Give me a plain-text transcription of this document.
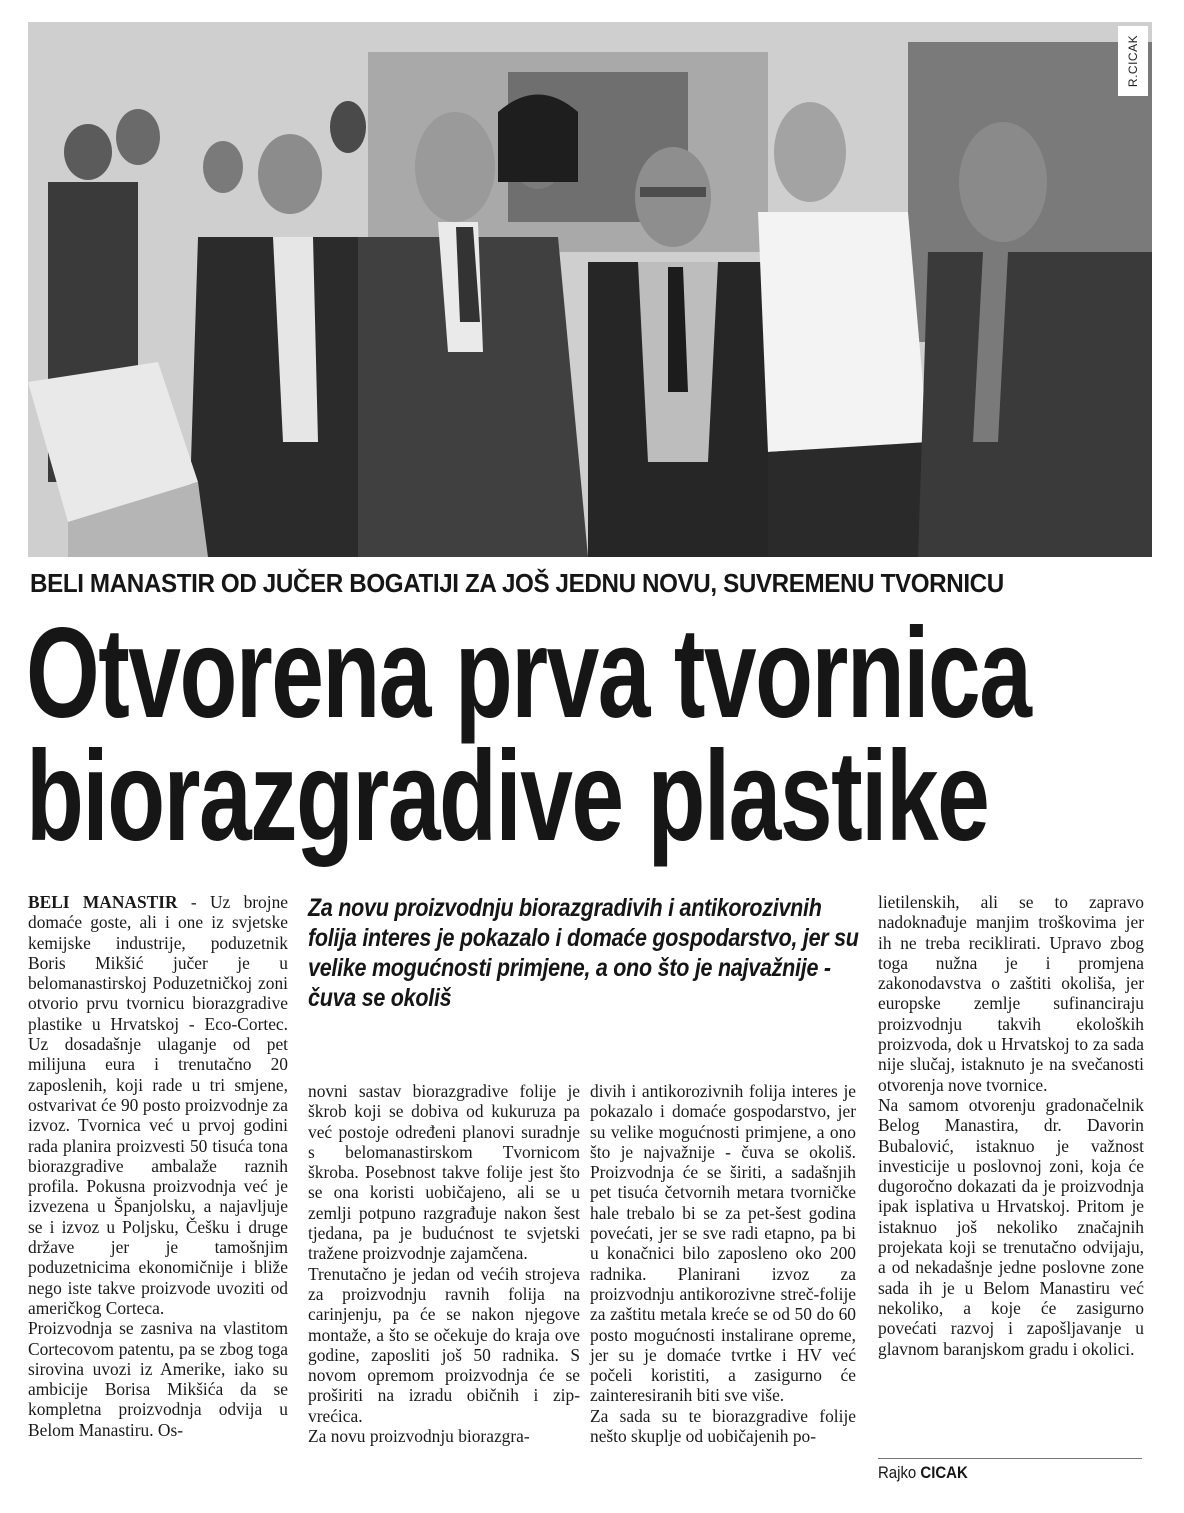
R.CICAK
BELI MANASTIR OD JUČER BOGATIJI ZA JOŠ JEDNU NOVU, SUVREMENU TVORNICU
Otvorena prva tvornica
biorazgradive plastike

BELI MANASTIR - Uz brojne domaće goste, ali i one iz svjetske kemijske industrije, poduzetnik Boris Mikšić jučer je u belomanastirskoj Poduzetničkoj zoni otvorio prvu tvornicu biorazgradive plastike u Hrvatskoj - Eco-Cortec. Uz dosadašnje ulaganje od pet milijuna eura i trenutačno 20 zaposlenih, koji rade u tri smjene, ostvarivat će 90 posto proizvodnje za izvoz. Tvornica već u prvoj godini rada planira proizvesti 50 tisuća tona biorazgradive ambalaže raznih profila. Pokusna proizvodnja već je izvezena u Španjolsku, a najavljuje se i izvoz u Poljsku, Češku i druge države jer je tamošnjim poduzetnicima ekonomičnije i bliže nego iste takve proizvode uvoziti od američkog Corteca.

Proizvodnja se zasniva na vlastitom Cortecovom patentu, pa se zbog toga sirovina uvozi iz Amerike, iako su ambicije Borisa Mikšića da se kompletna proizvodnja odvija u Belom Manastiru. Os-

Za novu proizvodnju biorazgradivih i antikorozivnih folija interes je pokazalo i domaće gospodarstvo, jer su velike mogućnosti primjene, a ono što je najvažnije - čuva se okoliš

novni sastav biorazgradive folije je škrob koji se dobiva od kukuruza pa već postoje određeni planovi suradnje s belomanastirskom Tvornicom škroba. Posebnost takve folije jest što se ona koristi uobičajeno, ali se u zemlji potpuno razgrađuje nakon šest tjedana, pa je budućnost te svjetski tražene proizvodnje zajamčena.

Trenutačno je jedan od većih strojeva za proizvodnju ravnih folija na carinjenju, pa će se nakon njegove montaže, a što se očekuje do kraja ove godine, zaposliti još 50 radnika. S novom opremom proizvodnja će se proširiti na izradu običnih i zip-vrećica.

Za novu proizvodnju biorazgra-

divih i antikorozivnih folija interes je pokazalo i domaće gospodarstvo, jer su velike mogućnosti primjene, a ono što je najvažnije - čuva se okoliš. Proizvodnja će se širiti, a sadašnjih pet tisuća četvornih metara tvorničke hale trebalo bi se za pet-šest godina povećati, jer se sve radi etapno, pa bi u konačnici bilo zaposleno oko 200 radnika. Planirani izvoz za proizvodnju antikorozivne streč-folije za zaštitu metala kreće se od 50 do 60 posto mogućnosti instalirane opreme, jer su je domaće tvrtke i HV već počeli koristiti, a zasigurno će zainteresiranih biti sve više.

Za sada su te biorazgradive folije nešto skuplje od uobičajenih po-

lietilenskih, ali se to zapravo nadoknađuje manjim troškovima jer ih ne treba reciklirati. Upravo zbog toga nužna je i promjena zakonodavstva o zaštiti okoliša, jer europske zemlje sufinanciraju proizvodnju takvih ekoloških proizvoda, dok u Hrvatskoj to za sada nije slučaj, istaknuto je na svečanosti otvorenja nove tvornice.

Na samom otvorenju gradonačelnik Belog Manastira, dr. Davorin Bubalović, istaknuo je važnost investicije u poslovnoj zoni, koja će dugoročno dokazati da je proizvodnja ipak isplativa u Hrvatskoj. Pritom je istaknuo još nekoliko značajnih projekata koji se trenutačno odvijaju, a od nekadašnje jedne poslovne zone sada ih je u Belom Manastiru već nekoliko, a koje će zasigurno povećati razvoj i zapošljavanje u glavnom baranjskom gradu i okolici.

Rajko CICAK
